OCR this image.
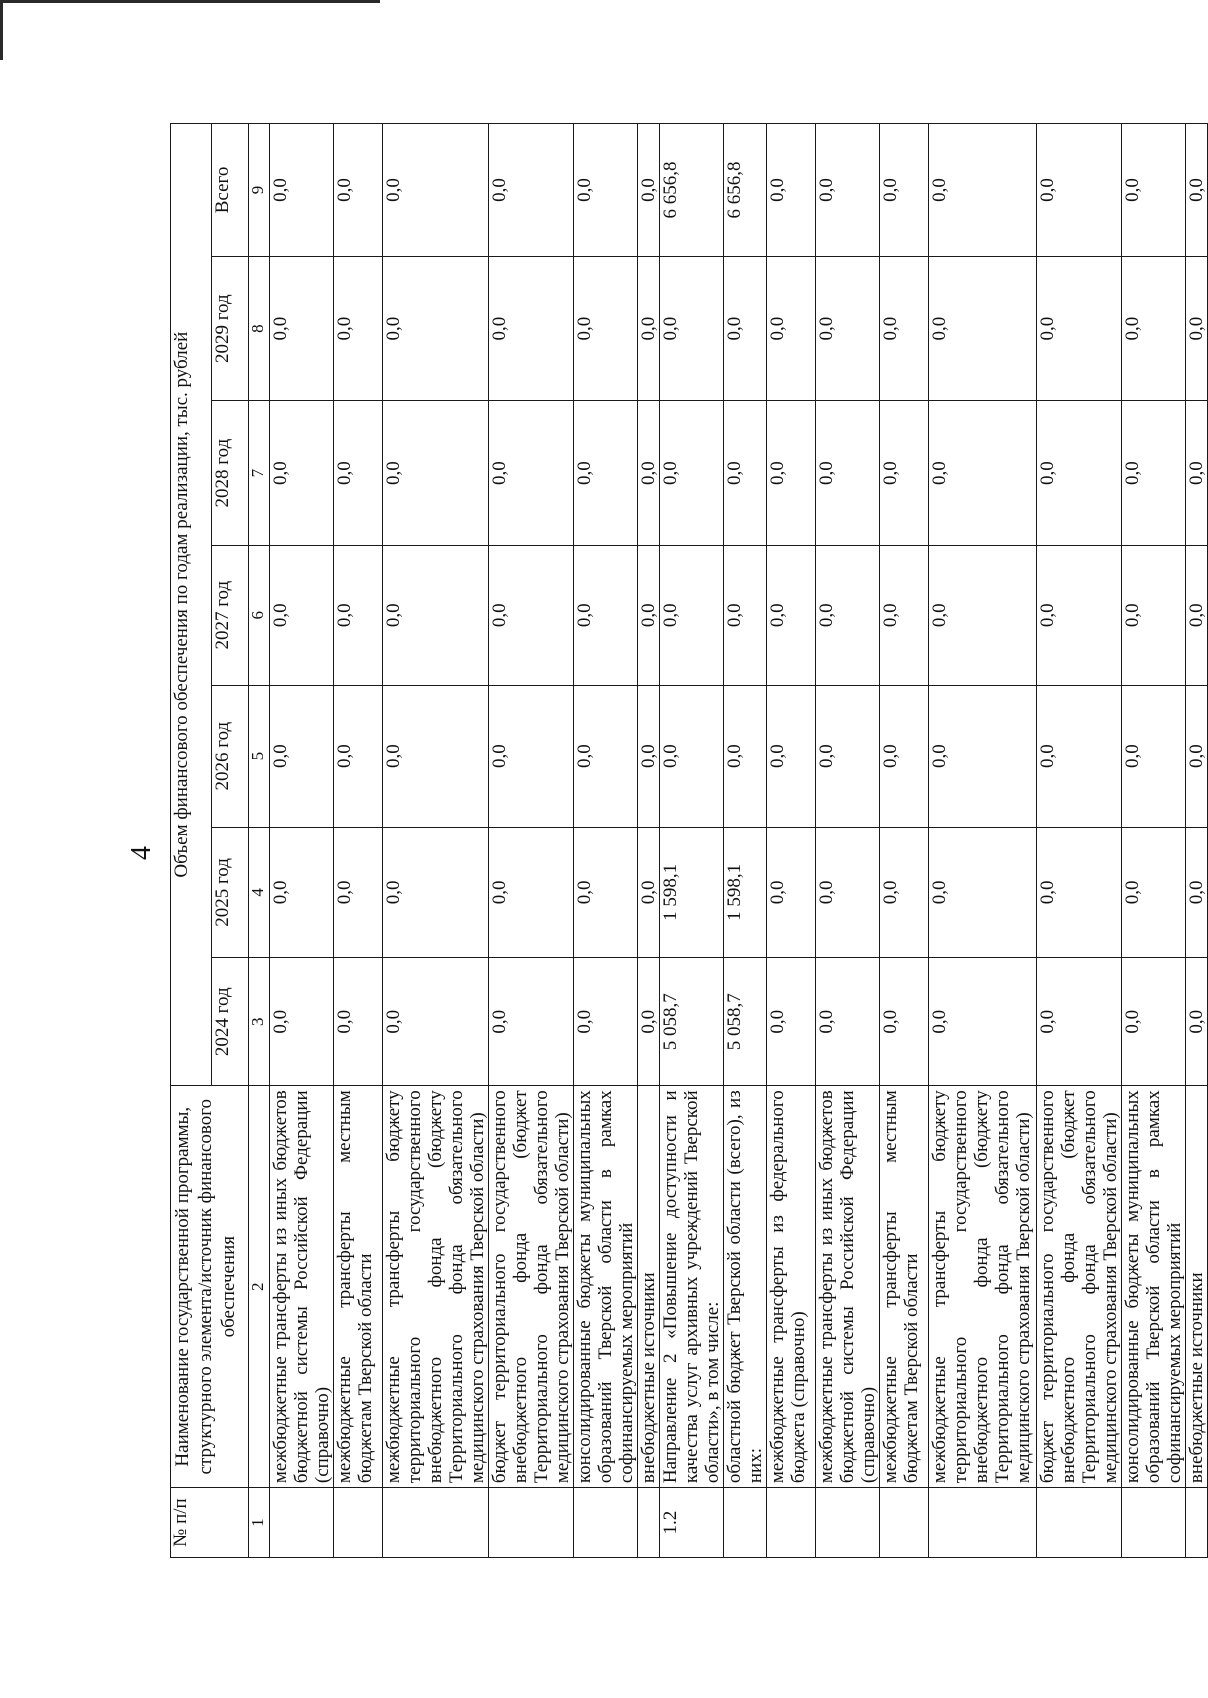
4
№ п/п	Наименование государственной программы, структурного элемента/источник финансового обеспечения	Объем финансового обеспечения по годам реализации, тыс. рублей						
		2024 год	2025 год	2026 год	2027 год	2028 год	2029 год	Всего
1	2	3	4	5	6	7	8	9
	межбюджетные трансферты из иных бюджетов бюджетной системы Российской Федерации (справочно)	0,0	0,0	0,0	0,0	0,0	0,0	0,0
	межбюджетные трансферты местным бюджетам Тверской области	0,0	0,0	0,0	0,0	0,0	0,0	0,0
	межбюджетные трансферты бюджету территориального государственного внебюджетного фонда (бюджету Территориального фонда обязательного медицинского страхования Тверской области)	0,0	0,0	0,0	0,0	0,0	0,0	0,0
	бюджет территориального государственного внебюджетного фонда (бюджет Территориального фонда обязательного медицинского страхования Тверской области)	0,0	0,0	0,0	0,0	0,0	0,0	0,0
	консолидированные бюджеты муниципальных образований Тверской области в рамках софинансируемых мероприятий	0,0	0,0	0,0	0,0	0,0	0,0	0,0
	внебюджетные источники	0,0	0,0	0,0	0,0	0,0	0,0	0,0
1.2	Направление 2 «Повышение доступности и качества услуг архивных учреждений Тверской области», в том числе:	5 058,7	1 598,1	0,0	0,0	0,0	0,0	6 656,8
	областной бюджет Тверской области (всего), из них:	5 058,7	1 598,1	0,0	0,0	0,0	0,0	6 656,8
	межбюджетные трансферты из федерального бюджета (справочно)	0,0	0,0	0,0	0,0	0,0	0,0	0,0
	межбюджетные трансферты из иных бюджетов бюджетной системы Российской Федерации (справочно)	0,0	0,0	0,0	0,0	0,0	0,0	0,0
	межбюджетные трансферты местным бюджетам Тверской области	0,0	0,0	0,0	0,0	0,0	0,0	0,0
	межбюджетные трансферты бюджету территориального государственного внебюджетного фонда (бюджету Территориального фонда обязательного медицинского страхования Тверской области)	0,0	0,0	0,0	0,0	0,0	0,0	0,0
	бюджет территориального государственного внебюджетного фонда (бюджет Территориального фонда обязательного медицинского страхования Тверской области)	0,0	0,0	0,0	0,0	0,0	0,0	0,0
	консолидированные бюджеты муниципальных образований Тверской области в рамках софинансируемых мероприятий	0,0	0,0	0,0	0,0	0,0	0,0	0,0
	внебюджетные источники	0,0	0,0	0,0	0,0	0,0	0,0	0,0
